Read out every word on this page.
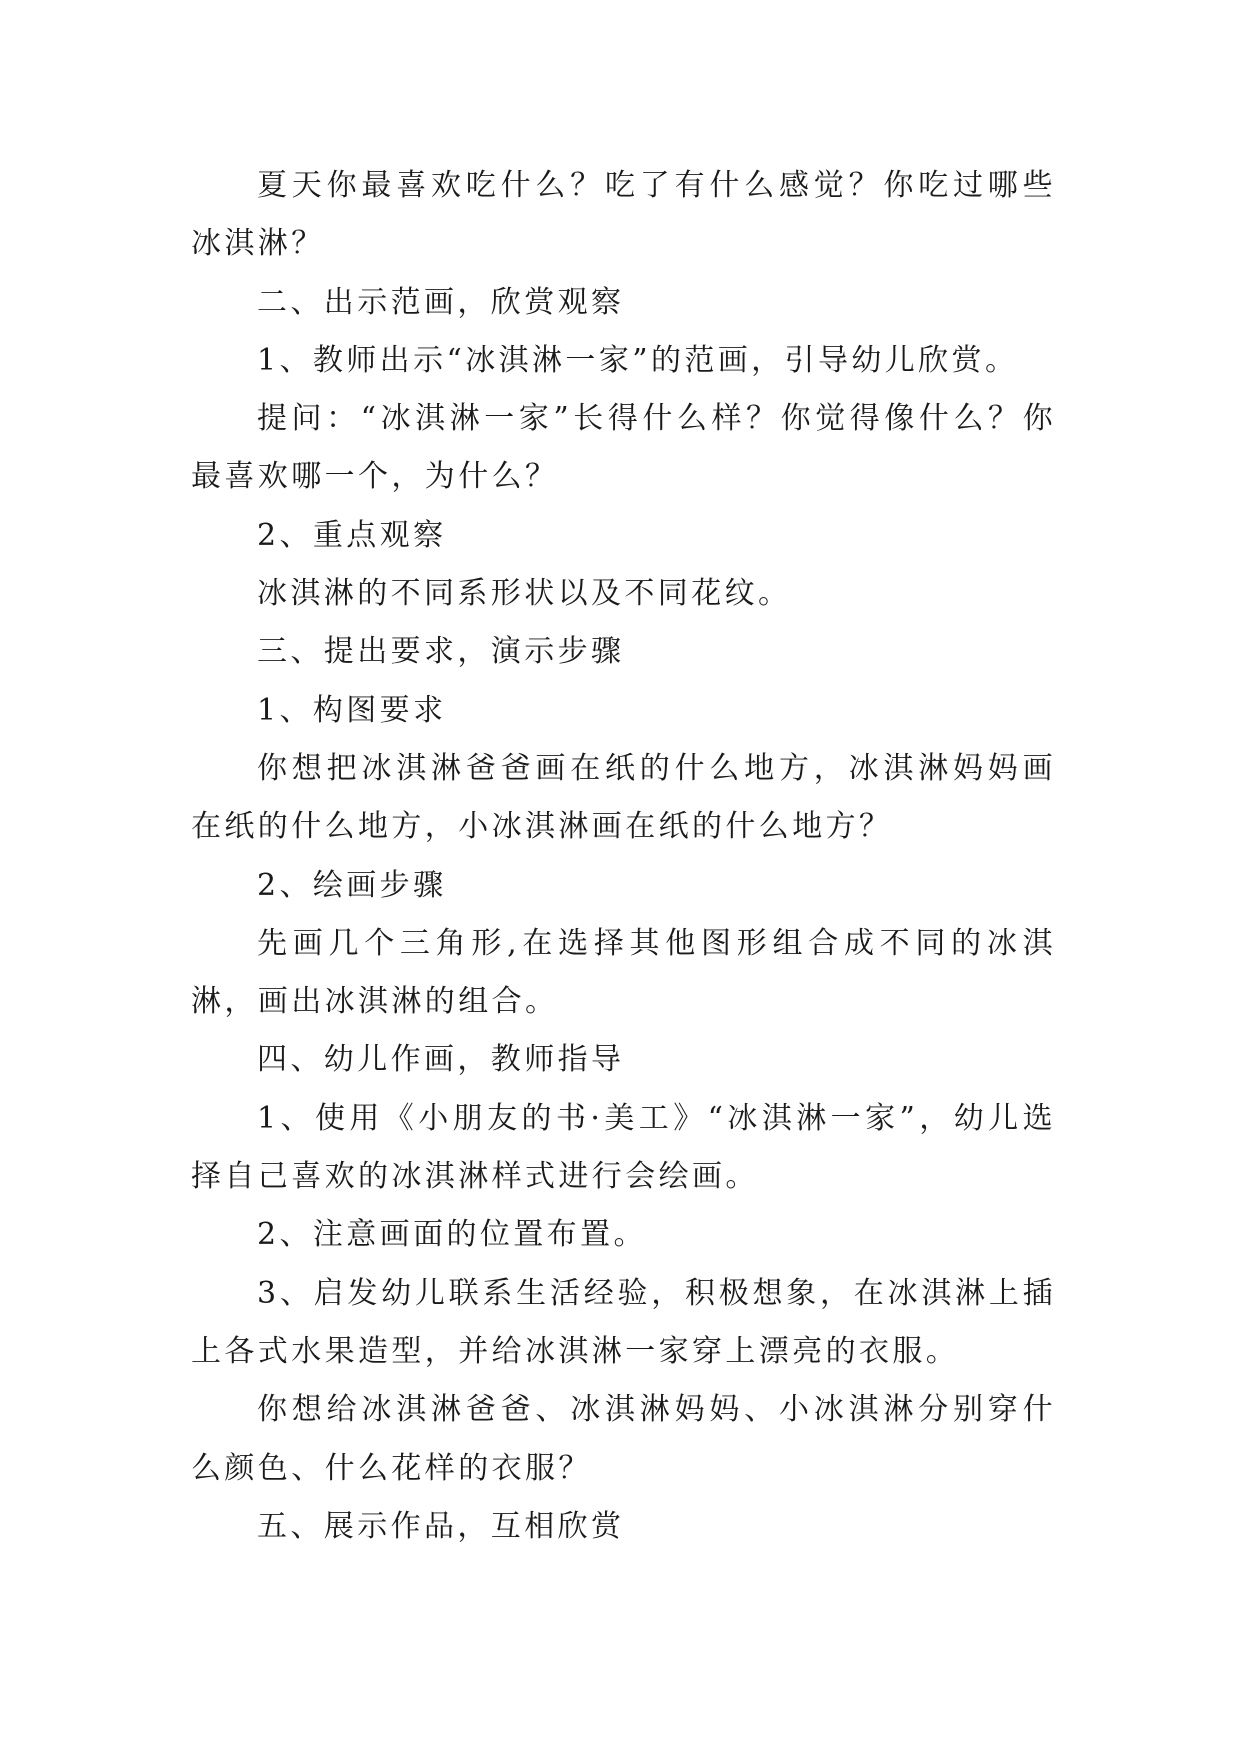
夏天你最喜欢吃什么？吃了有什么感觉？你吃过哪些冰淇淋？

二、出示范画，欣赏观察

1、教师出示“冰淇淋一家”的范画，引导幼儿欣赏。

提问：“冰淇淋一家”长得什么样？你觉得像什么？你最喜欢哪一个，为什么？

2、重点观察

冰淇淋的不同系形状以及不同花纹。

三、提出要求，演示步骤

1、构图要求

你想把冰淇淋爸爸画在纸的什么地方，冰淇淋妈妈画在纸的什么地方，小冰淇淋画在纸的什么地方？

2、绘画步骤

先画几个三角形,在选择其他图形组合成不同的冰淇淋，画出冰淇淋的组合。

四、幼儿作画，教师指导

1、使用《小朋友的书·美工》“冰淇淋一家”，幼儿选择自己喜欢的冰淇淋样式进行会绘画。

2、注意画面的位置布置。

3、启发幼儿联系生活经验，积极想象，在冰淇淋上插上各式水果造型，并给冰淇淋一家穿上漂亮的衣服。

你想给冰淇淋爸爸、冰淇淋妈妈、小冰淇淋分别穿什么颜色、什么花样的衣服？

五、展示作品，互相欣赏
